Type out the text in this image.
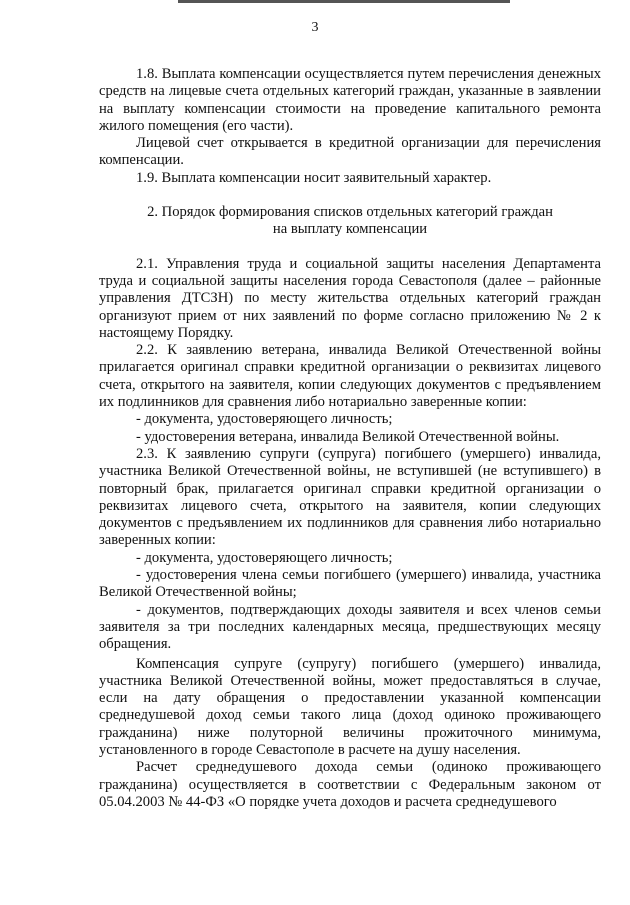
3

1.8. Выплата компенсации осуществляется путем перечисления денежных средств на лицевые счета отдельных категорий граждан, указанные в заявлении на выплату компенсации стоимости на проведение капитального ремонта жилого помещения (его части).

Лицевой счет открывается в кредитной организации для перечисления компенсации.

1.9. Выплата компенсации носит заявительный характер.

2. Порядок формирования списков отдельных категорий граждан
на выплату компенсации

2.1. Управления труда и социальной защиты населения Департамента труда и социальной защиты населения города Севастополя (далее – районные управления ДТСЗН) по месту жительства отдельных категорий граждан организуют прием от них заявлений по форме согласно приложению № 2 к настоящему Порядку.

2.2. К заявлению ветерана, инвалида Великой Отечественной войны прилагается оригинал справки кредитной организации о реквизитах лицевого счета, открытого на заявителя, копии следующих документов с предъявлением их подлинников для сравнения либо нотариально заверенные копии:

- документа, удостоверяющего личность;

- удостоверения ветерана, инвалида Великой Отечественной войны.

2.3. К заявлению супруги (супруга) погибшего (умершего) инвалида, участника Великой Отечественной войны, не вступившей (не вступившего) в повторный брак, прилагается оригинал справки кредитной организации о реквизитах лицевого счета, открытого на заявителя, копии следующих документов с предъявлением их подлинников для сравнения либо нотариально заверенных копии:

- документа, удостоверяющего личность;

- удостоверения члена семьи погибшего (умершего) инвалида, участника Великой Отечественной войны;

- документов, подтверждающих доходы заявителя и всех членов семьи заявителя за три последних календарных месяца, предшествующих месяцу обращения.

Компенсация супруге (супругу) погибшего (умершего) инвалида, участника Великой Отечественной войны, может предоставляться в случае, если на дату обращения о предоставлении указанной компенсации среднедушевой доход семьи такого лица (доход одиноко проживающего гражданина) ниже полуторной величины прожиточного минимума, установленного в городе Севастополе в расчете на душу населения.

Расчет среднедушевого дохода семьи (одиноко проживающего гражданина) осуществляется в соответствии с Федеральным законом от 05.04.2003 № 44-ФЗ «О порядке учета доходов и расчета среднедушевого
